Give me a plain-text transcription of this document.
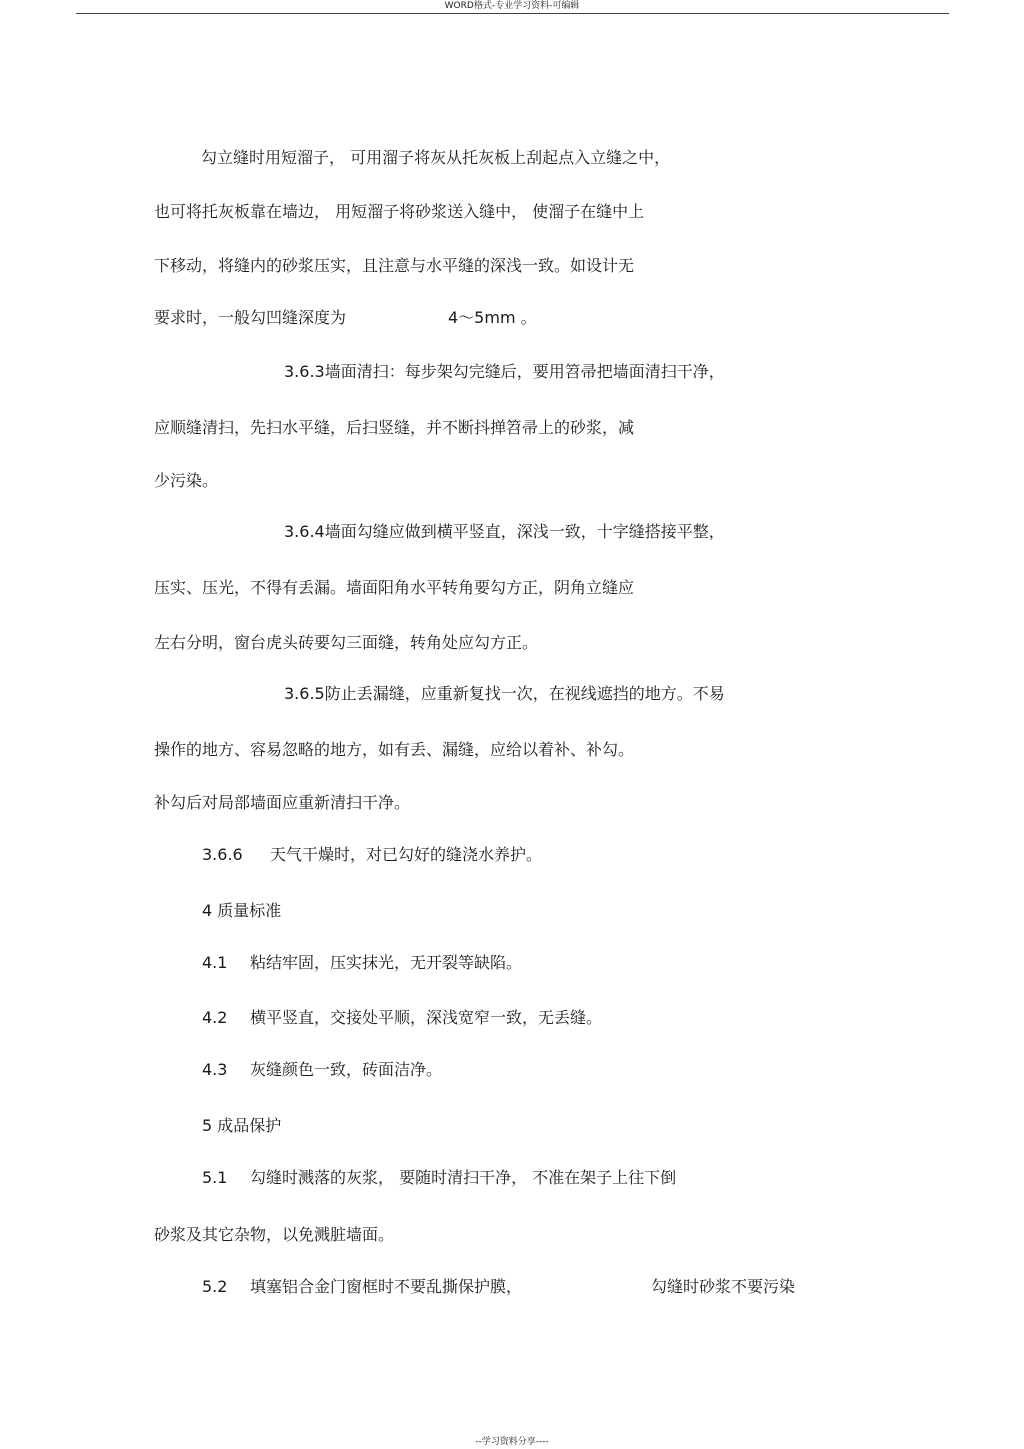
WORD格式-专业学习资料-可编辑
勾立缝时用短溜子， 可用溜子将灰从托灰板上刮起点入立缝之中，
也可将托灰板靠在墙边， 用短溜子将砂浆送入缝中， 使溜子在缝中上
下移动，将缝内的砂浆压实，且注意与水平缝的深浅一致。如设计无
要求时，一般勾凹缝深度为	4～5mm 。
3.6.3墙面清扫：每步架勾完缝后，要用笤帚把墙面清扫干净，
应顺缝清扫，先扫水平缝，后扫竖缝，并不断抖掸笤帚上的砂浆，减
少污染。
3.6.4墙面勾缝应做到横平竖直，深浅一致，十字缝搭接平整，
压实、压光，不得有丢漏。墙面阳角水平转角要勾方正，阴角立缝应
左右分明，窗台虎头砖要勾三面缝，转角处应勾方正。
3.6.5防止丢漏缝，应重新复找一次，在视线遮挡的地方。不易
操作的地方、容易忽略的地方，如有丢、漏缝，应给以着补、补勾。
补勾后对局部墙面应重新清扫干净。
3.6.6 天气干燥时，对已勾好的缝浇水养护。
4 质量标准
4.1 粘结牢固，压实抹光，无开裂等缺陷。
4.2 横平竖直，交接处平顺，深浅宽窄一致，无丢缝。
4.3 灰缝颜色一致，砖面洁净。
5 成品保护
5.1 勾缝时溅落的灰浆， 要随时清扫干净， 不准在架子上往下倒
砂浆及其它杂物，以免溅脏墙面。
5.2 填塞铝合金门窗框时不要乱撕保护膜，	勾缝时砂浆不要污染
--学习资料分享----
